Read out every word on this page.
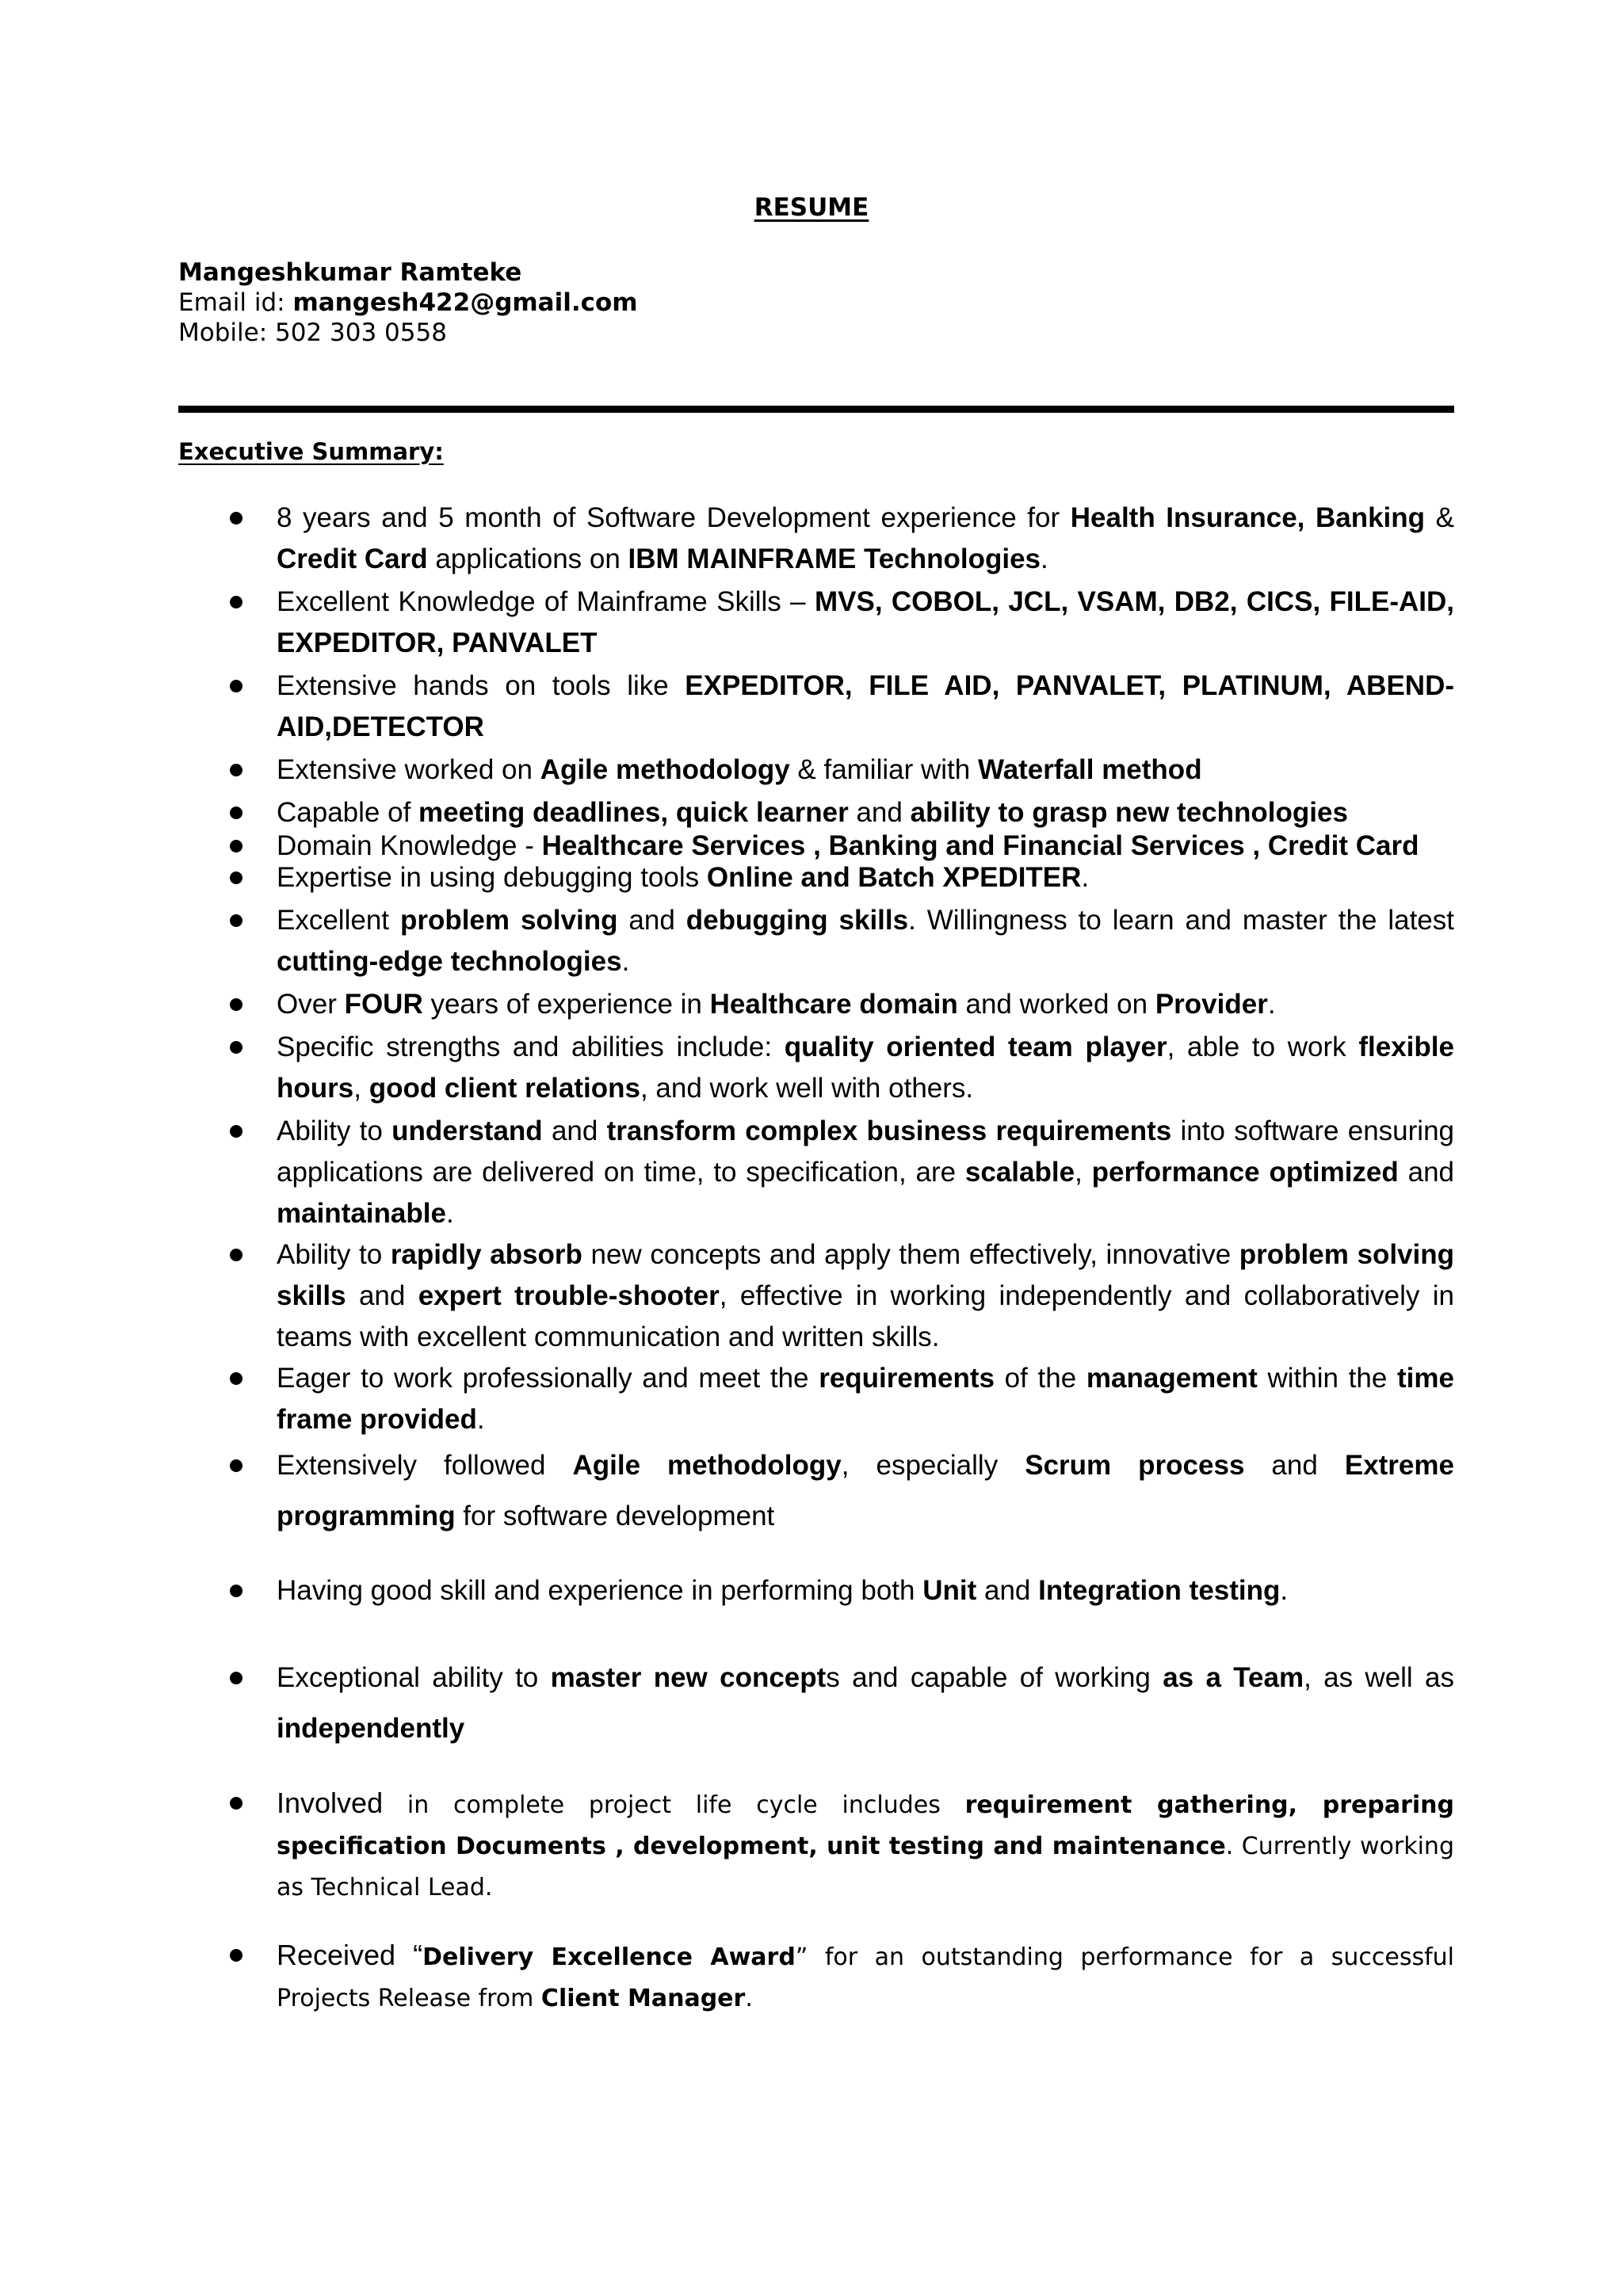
RESUME
Mangeshkumar Ramteke
Email id: mangesh422@gmail.com
Mobile: 502 303 0558
Executive Summary:
8 years and 5 month of Software Development experience for Health Insurance, Banking & Credit Card applications on IBM MAINFRAME Technologies.
Excellent Knowledge of Mainframe Skills – MVS, COBOL, JCL, VSAM, DB2, CICS, FILE-AID, EXPEDITOR, PANVALET
Extensive hands on tools like EXPEDITOR, FILE AID, PANVALET, PLATINUM, ABEND-AID,DETECTOR
Extensive worked on Agile methodology & familiar with Waterfall method
Capable of meeting deadlines, quick learner and ability to grasp new technologies
Domain Knowledge - Healthcare Services , Banking and Financial Services , Credit Card
Expertise in using debugging tools Online and Batch XPEDITER.
Excellent problem solving and debugging skills. Willingness to learn and master the latest cutting-edge technologies.
Over FOUR years of experience in Healthcare domain and worked on Provider.
Specific strengths and abilities include: quality oriented team player, able to work flexible hours, good client relations, and work well with others.
Ability to understand and transform complex business requirements into software ensuring applications are delivered on time, to specification, are scalable, performance optimized and maintainable.
Ability to rapidly absorb new concepts and apply them effectively, innovative problem solving skills and expert trouble-shooter, effective in working independently and collaboratively in teams with excellent communication and written skills.
Eager to work professionally and meet the requirements of the management within the time frame provided.
Extensively followed Agile methodology, especially Scrum process and Extreme programming for software development
Having good skill and experience in performing both Unit and Integration testing.
Exceptional ability to master new concepts and capable of working as a Team, as well as independently
Involved in complete project life cycle includes requirement gathering, preparing specification Documents , development, unit testing and maintenance. Currently working as Technical Lead.
Received “Delivery Excellence Award” for an outstanding performance for a successful Projects Release from Client Manager.
